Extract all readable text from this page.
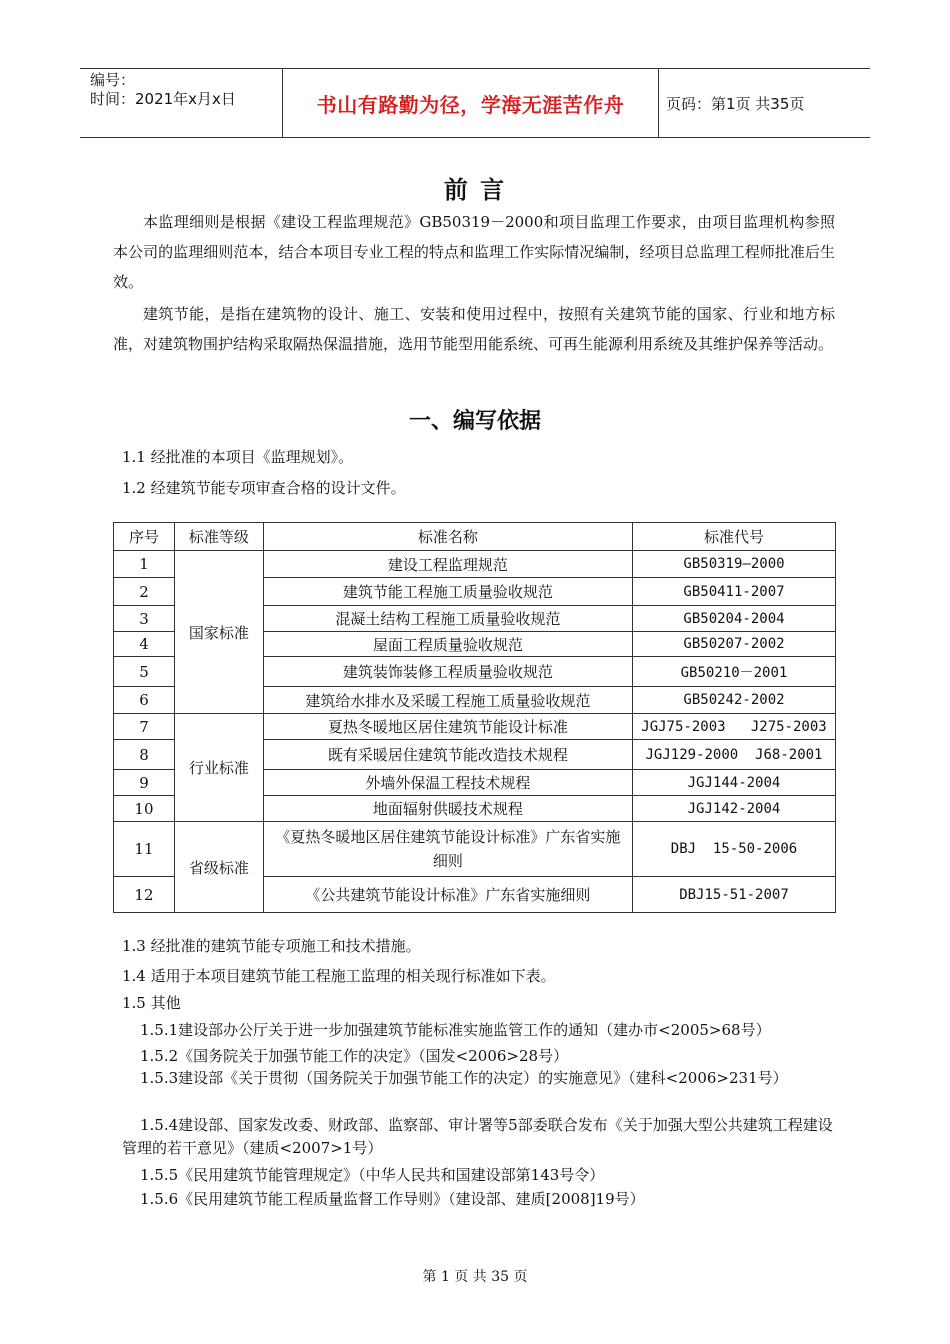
编号：
时间：2021年x月x日	书山有路勤为径，学海无涯苦作舟	页码：第1页 共35页
前 言
本监理细则是根据《建设工程监理规范》GB50319－2000和项目监理工作要求，由项目监理机构参照本公司的监理细则范本，结合本项目专业工程的特点和监理工作实际情况编制，经项目总监理工程师批准后生效。
建筑节能，是指在建筑物的设计、施工、安装和使用过程中，按照有关建筑节能的国家、行业和地方标准，对建筑物围护结构采取隔热保温措施，选用节能型用能系统、可再生能源利用系统及其维护保养等活动。
一、编写依据
1.1 经批准的本项目《监理规划》。
1.2 经建筑节能专项审查合格的设计文件。
序号	标准等级	标准名称	标准代号
1	国家标准	建设工程监理规范	GB50319—2000
2		建筑节能工程施工质量验收规范	GB50411-2007
3		混凝土结构工程施工质量验收规范	GB50204-2004
4		屋面工程质量验收规范	GB50207-2002
5		建筑装饰装修工程质量验收规范	GB50210－2001
6		建筑给水排水及采暖工程施工质量验收规范	GB50242-2002
7	行业标准	夏热冬暖地区居住建筑节能设计标准	JGJ75-2003   J275-2003
8		既有采暖居住建筑节能改造技术规程	JGJ129-2000  J68-2001
9		外墙外保温工程技术规程	JGJ144-2004
10		地面辐射供暖技术规程	JGJ142-2004
11	省级标准	《夏热冬暖地区居住建筑节能设计标准》广东省实施细则	DBJ  15-50-2006
12		《公共建筑节能设计标准》广东省实施细则	DBJ15-51-2007
1.3 经批准的建筑节能专项施工和技术措施。
1.4 适用于本项目建筑节能工程施工监理的相关现行标准如下表。
1.5 其他
1.5.1建设部办公厅关于进一步加强建筑节能标准实施监管工作的通知（建办市<2005>68号）
1.5.2《国务院关于加强节能工作的决定》（国发<2006>28号）
1.5.3建设部《关于贯彻（国务院关于加强节能工作的决定）的实施意见》（建科<2006>231号）
1.5.4建设部、国家发改委、财政部、监察部、审计署等5部委联合发布《关于加强大型公共建筑工程建设管理的若干意见》（建质<2007>1号）
1.5.5《民用建筑节能管理规定》（中华人民共和国建设部第143号令）
1.5.6《民用建筑节能工程质量监督工作导则》（建设部、建质[2008]19号）
第 1 页 共 35 页
